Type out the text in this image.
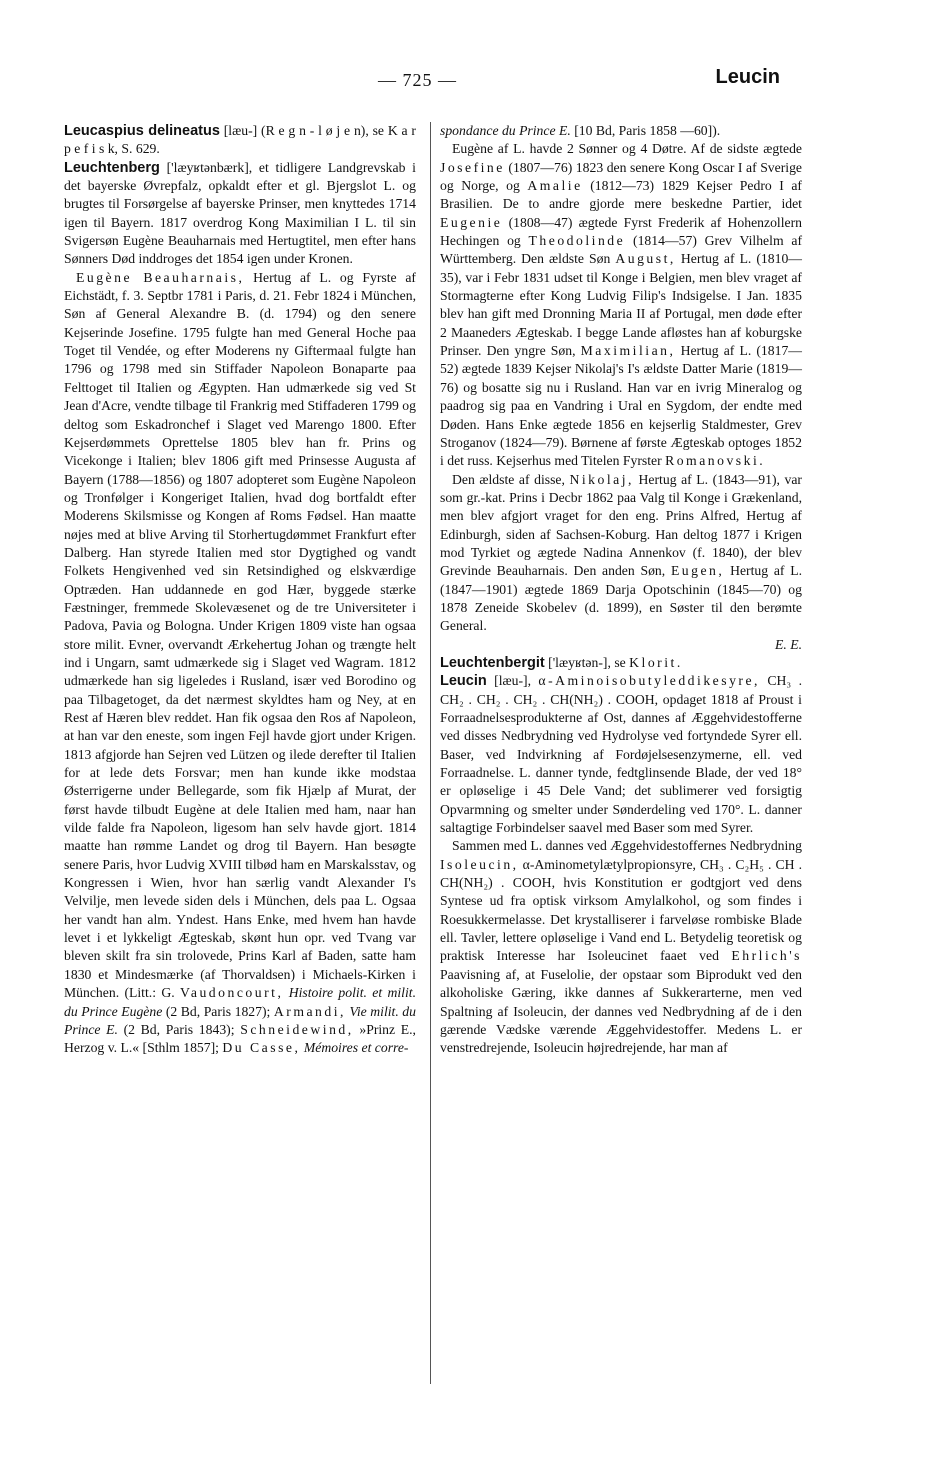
— 725 —	Leucin

Leucaspius delineatus [læu-] (R e g n - l ø j e n), se K a r p e f i s k, S. 629.

Leuchtenberg ['læyʁtənbærk], et tidligere Landgrevskab i det bayerske Øvrepfalz, opkaldt efter et gl. Bjergslot L. og brugtes til Forsørgelse af bayerske Prinser, men knyttedes 1714 igen til Bayern. 1817 overdrog Kong Maximilian I L. til sin Svigersøn Eugène Beauharnais med Hertugtitel, men efter hans Sønners Død inddroges det 1854 igen under Kronen.

Eugène Beauharnais, Hertug af L. og Fyrste af Eichstädt, f. 3. Septbr 1781 i Paris, d. 21. Febr 1824 i München, Søn af General Alexandre B. (d. 1794) og den senere Kejserinde Josefine. 1795 fulgte han med General Hoche paa Toget til Vendée, og efter Moderens ny Giftermaal fulgte han 1796 og 1798 med sin Stiffader Napoleon Bonaparte paa Felttoget til Italien og Ægypten. Han udmærkede sig ved St Jean d'Acre, vendte tilbage til Frankrig med Stiffaderen 1799 og deltog som Eskadronchef i Slaget ved Marengo 1800. Efter Kejserdømmets Oprettelse 1805 blev han fr. Prins og Vicekonge i Italien; blev 1806 gift med Prinsesse Augusta af Bayern (1788—1856) og 1807 adopteret som Eugène Napoleon og Tronfølger i Kongeriget Italien, hvad dog bortfaldt efter Moderens Skilsmisse og Kongen af Roms Fødsel. Han maatte nøjes med at blive Arving til Storhertugdømmet Frankfurt efter Dalberg. Han styrede Italien med stor Dygtighed og vandt Folkets Hengivenhed ved sin Retsindighed og elskværdige Optræden. Han uddannede en god Hær, byggede stærke Fæstninger, fremmede Skolevæsenet og de tre Universiteter i Padova, Pavia og Bologna. Under Krigen 1809 viste han ogsaa store milit. Evner, overvandt Ærkehertug Johan og trængte helt ind i Ungarn, samt udmærkede sig i Slaget ved Wagram. 1812 udmærkede han sig ligeledes i Rusland, især ved Borodino og paa Tilbagetoget, da det nærmest skyldtes ham og Ney, at en Rest af Hæren blev reddet. Han fik ogsaa den Ros af Napoleon, at han var den eneste, som ingen Fejl havde gjort under Krigen. 1813 afgjorde han Sejren ved Lützen og ilede derefter til Italien for at lede dets Forsvar; men han kunde ikke modstaa Østerrigerne under Bellegarde, som fik Hjælp af Murat, der først havde tilbudt Eugène at dele Italien med ham, naar han vilde falde fra Napoleon, ligesom han selv havde gjort. 1814 maatte han rømme Landet og drog til Bayern. Han besøgte senere Paris, hvor Ludvig XVIII tilbød ham en Marskalsstav, og Kongressen i Wien, hvor han særlig vandt Alexander I's Velvilje, men levede siden dels i München, dels paa L. Ogsaa her vandt han alm. Yndest. Hans Enke, med hvem han havde levet i et lykkeligt Ægteskab, skønt hun opr. ved Tvang var bleven skilt fra sin trolovede, Prins Karl af Baden, satte ham 1830 et Mindesmærke (af Thorvaldsen) i Michaels-Kirken i München. (Litt.: G. Vaudoncourt, Histoire polit. et milit. du Prince Eugène (2 Bd, Paris 1827); Armandi, Vie milit. du Prince E. (2 Bd, Paris 1843); Schneidewind, »Prinz E., Herzog v. L.« [Sthlm 1857]; Du Casse, Mémoires et corre-

spondance du Prince E. [10 Bd, Paris 1858 —60]).

Eugène af L. havde 2 Sønner og 4 Døtre. Af de sidste ægtede Josefine (1807—76) 1823 den senere Kong Oscar I af Sverige og Norge, og Amalie (1812—73) 1829 Kejser Pedro I af Brasilien. De to andre gjorde mere beskedne Partier, idet Eugenie (1808—47) ægtede Fyrst Frederik af Hohenzollern Hechingen og Theodolinde (1814—57) Grev Vilhelm af Württemberg. Den ældste Søn August, Hertug af L. (1810—35), var i Febr 1831 udset til Konge i Belgien, men blev vraget af Stormagterne efter Kong Ludvig Filip's Indsigelse. I Jan. 1835 blev han gift med Dronning Maria II af Portugal, men døde efter 2 Maaneders Ægteskab. I begge Lande afløstes han af koburgske Prinser. Den yngre Søn, Maximilian, Hertug af L. (1817—52) ægtede 1839 Kejser Nikolaj's I's ældste Datter Marie (1819—76) og bosatte sig nu i Rusland. Han var en ivrig Mineralog og paadrog sig paa en Vandring i Ural en Sygdom, der endte med Døden. Hans Enke ægtede 1856 en kejserlig Staldmester, Grev Stroganov (1824—79). Børnene af første Ægteskab optoges 1852 i det russ. Kejserhus med Titelen Fyrster Romanovski.

Den ældste af disse, Nikolaj, Hertug af L. (1843—91), var som gr.-kat. Prins i Decbr 1862 paa Valg til Konge i Grækenland, men blev afgjort vraget for den eng. Prins Alfred, Hertug af Edinburgh, siden af Sachsen-Koburg. Han deltog 1877 i Krigen mod Tyrkiet og ægtede Nadina Annenkov (f. 1840), der blev Grevinde Beauharnais. Den anden Søn, Eugen, Hertug af L. (1847—1901) ægtede 1869 Darja Opotschinin (1845—70) og 1878 Zeneide Skobelev (d. 1899), en Søster til den berømte General.
E. E.

Leuchtenbergit ['læyʁtən-], se Klorit.

Leucin [læu-], α-Aminoisobutyleddikesyre, CH₃ . CH₂ . CH₂ . CH₂ . CH(NH₂) . COOH, opdaget 1818 af Proust i Forraadnelsesprodukterne af Ost, dannes af Æggehvidestofferne ved disses Nedbrydning ved Hydrolyse ved fortyndede Syrer ell. Baser, ved Indvirkning af Fordøjelsesenzymerne, ell. ved Forraadnelse. L. danner tynde, fedtglinsende Blade, der ved 18° er opløselige i 45 Dele Vand; det sublimerer ved forsigtig Opvarmning og smelter under Sønderdeling ved 170°. L. danner saltagtige Forbindelser saavel med Baser som med Syrer.

Sammen med L. dannes ved Æggehvidestoffernes Nedbrydning Isoleucin, α-Aminometylætylpropionsyre, CH₃ . C₂H₅ . CH . CH(NH₂) . COOH, hvis Konstitution er godtgjort ved dens Syntese ud fra optisk virksom Amylalkohol, og som findes i Roesukkermelasse. Det krystalliserer i farveløse rombiske Blade ell. Tavler, lettere opløselige i Vand end L. Betydelig teoretisk og praktisk Interesse har Isoleucinet faaet ved Ehrlich's Paavisning af, at Fuselolie, der opstaar som Biprodukt ved den alkoholiske Gæring, ikke dannes af Sukkerarterne, men ved Spaltning af Isoleucin, der dannes ved Nedbrydning af de i den gærende Vædske værende Æggehvidestoffer. Medens L. er venstredrejende, Isoleucin højredrejende, har man af
